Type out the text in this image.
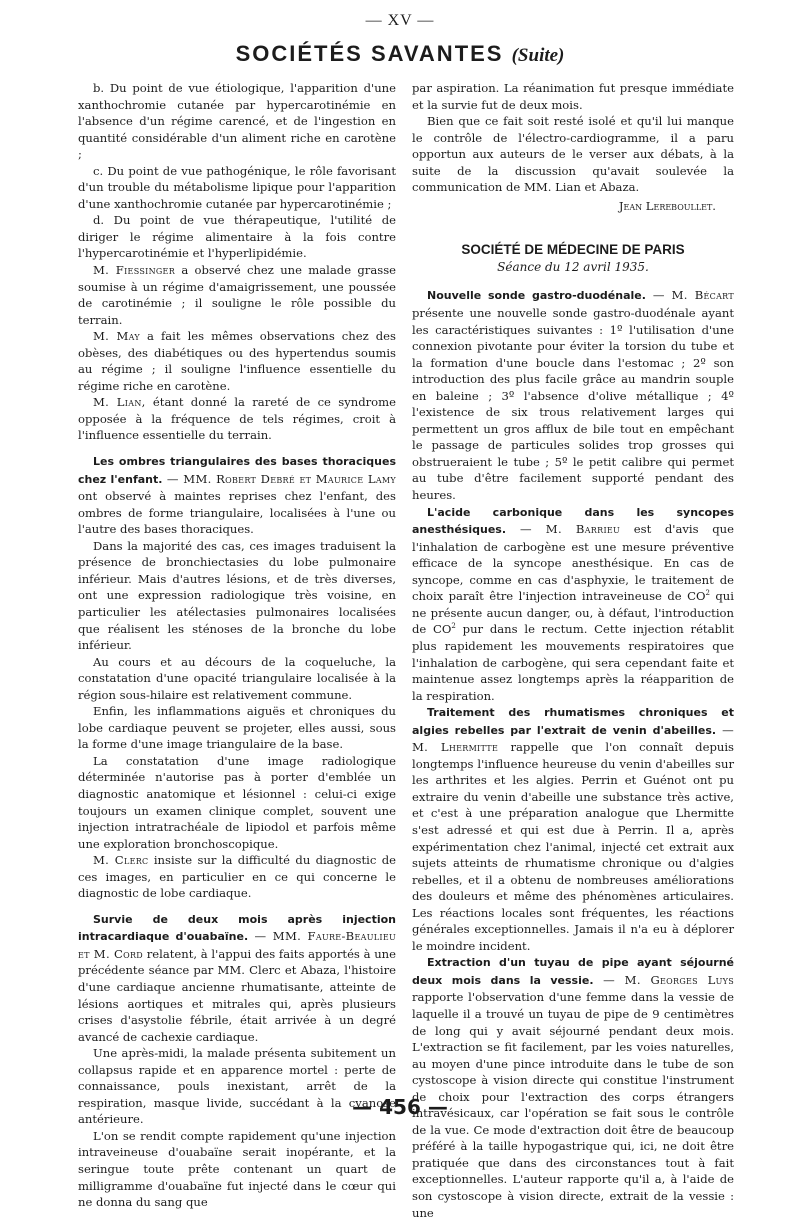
— XV —
SOCIÉTÉS SAVANTES (Suite)

b. Du point de vue étiologique, l'apparition d'une xanthochromie cutanée par hypercarotinémie en l'absence d'un régime carencé, et de l'ingestion en quantité considérable d'un aliment riche en carotène ;

c. Du point de vue pathogénique, le rôle favorisant d'un trouble du métabolisme lipique pour l'apparition d'une xanthochromie cutanée par hypercarotinémie ;

d. Du point de vue thérapeutique, l'utilité de diriger le régime alimentaire à la fois contre l'hypercarotinémie et l'hyperlipidémie.

M. Fiessinger a observé chez une malade grasse soumise à un régime d'amaigrissement, une poussée de carotinémie ; il souligne le rôle possible du terrain.

M. May a fait les mêmes observations chez des obèses, des diabétiques ou des hypertendus soumis au régime ; il souligne l'influence essentielle du régime riche en carotène.

M. Lian, étant donné la rareté de ce syndrome opposée à la fréquence de tels régimes, croit à l'influence essentielle du terrain.

Les ombres triangulaires des bases thoraciques chez l'enfant. — MM. Robert Debré et Maurice Lamy ont observé à maintes reprises chez l'enfant, des ombres de forme triangulaire, localisées à l'une ou l'autre des bases thoraciques.

Dans la majorité des cas, ces images traduisent la présence de bronchiectasies du lobe pulmonaire inférieur. Mais d'autres lésions, et de très diverses, ont une expression radiologique très voisine, en particulier les atélectasies pulmonaires localisées que réalisent les sténoses de la bronche du lobe inférieur.

Au cours et au décours de la coqueluche, la constatation d'une opacité triangulaire localisée à la région sous-hilaire est relativement commune.

Enfin, les inflammations aiguës et chroniques du lobe cardiaque peuvent se projeter, elles aussi, sous la forme d'une image triangulaire de la base.

La constatation d'une image radiologique déterminée n'autorise pas à porter d'emblée un diagnostic anatomique et lésionnel : celui-ci exige toujours un examen clinique complet, souvent une injection intratrachéale de lipiodol et parfois même une exploration bronchoscopique.

M. Clerc insiste sur la difficulté du diagnostic de ces images, en particulier en ce qui concerne le diagnostic de lobe cardiaque.

Survie de deux mois après injection intracardiaque d'ouabaïne. — MM. Faure-Beaulieu et M. Cord relatent, à l'appui des faits apportés à une précédente séance par MM. Clerc et Abaza, l'histoire d'une cardiaque ancienne rhumatisante, atteinte de lésions aortiques et mitrales qui, après plusieurs crises d'asystolie fébrile, était arrivée à un degré avancé de cachexie cardiaque.

Une après-midi, la malade présenta subitement un collapsus rapide et en apparence mortel : perte de connaissance, pouls inexistant, arrêt de la respiration, masque livide, succédant à la cyanose antérieure.

L'on se rendit compte rapidement qu'une injection intraveineuse d'ouabaïne serait inopérante, et la seringue toute prête contenant un quart de milligramme d'ouabaïne fut injecté dans le cœur qui ne donna du sang que

par aspiration. La réanimation fut presque immédiate et la survie fut de deux mois.

Bien que ce fait soit resté isolé et qu'il lui manque le contrôle de l'électro-cardiogramme, il a paru opportun aux auteurs de le verser aux débats, à la suite de la discussion qu'avait soulevée la communication de MM. Lian et Abaza.

Jean Lereboullet.
SOCIÉTÉ DE MÉDECINE DE PARIS
Séance du 12 avril 1935.

Nouvelle sonde gastro-duodénale. — M. Bécart présente une nouvelle sonde gastro-duodénale ayant les caractéristiques suivantes : 1º l'utilisation d'une connexion pivotante pour éviter la torsion du tube et la formation d'une boucle dans l'estomac ; 2º son introduction des plus facile grâce au mandrin souple en baleine ; 3º l'absence d'olive métallique ; 4º l'existence de six trous relativement larges qui permettent un gros afflux de bile tout en empêchant le passage de particules solides trop grosses qui obstrueraient le tube ; 5º le petit calibre qui permet au tube d'être facilement supporté pendant des heures.

L'acide carbonique dans les syncopes anesthésiques. — M. Barrieu est d'avis que l'inhalation de carbogène est une mesure préventive efficace de la syncope anesthésique. En cas de syncope, comme en cas d'asphyxie, le traitement de choix paraît être l'injection intraveineuse de $CO^2$ qui ne présente aucun danger, ou, à défaut, l'introduction de $CO^2$ pur dans le rectum. Cette injection rétablit plus rapidement les mouvements respiratoires que l'inhalation de carbogène, qui sera cependant faite et maintenue assez longtemps après la réapparition de la respiration.

Traitement des rhumatismes chroniques et algies rebelles par l'extrait de venin d'abeilles. — M. Lhermitte rappelle que l'on connaît depuis longtemps l'influence heureuse du venin d'abeilles sur les arthrites et les algies. Perrin et Guénot ont pu extraire du venin d'abeille une substance très active, et c'est à une préparation analogue que Lhermitte s'est adressé et qui est due à Perrin. Il a, après expérimentation chez l'animal, injecté cet extrait aux sujets atteints de rhumatisme chronique ou d'algies rebelles, et il a obtenu de nombreuses améliorations des douleurs et même des phénomènes articulaires. Les réactions locales sont fréquentes, les réactions générales exceptionnelles. Jamais il n'a eu à déplorer le moindre incident.

Extraction d'un tuyau de pipe ayant séjourné deux mois dans la vessie. — M. Georges Luys rapporte l'observation d'une femme dans la vessie de laquelle il a trouvé un tuyau de pipe de 9 centimètres de long qui y avait séjourné pendant deux mois. L'extraction se fit facilement, par les voies naturelles, au moyen d'une pince introduite dans le tube de son cystoscope à vision directe qui constitue l'instrument de choix pour l'extraction des corps étrangers intravésicaux, car l'opération se fait sous le contrôle de la vue. Ce mode d'extraction doit être de beaucoup préféré à la taille hypogastrique qui, ici, ne doit être pratiquée que dans des circonstances tout à fait exceptionnelles. L'auteur rapporte qu'il a, à l'aide de son cystoscope à vision directe, extrait de la vessie : une

— 456 —
